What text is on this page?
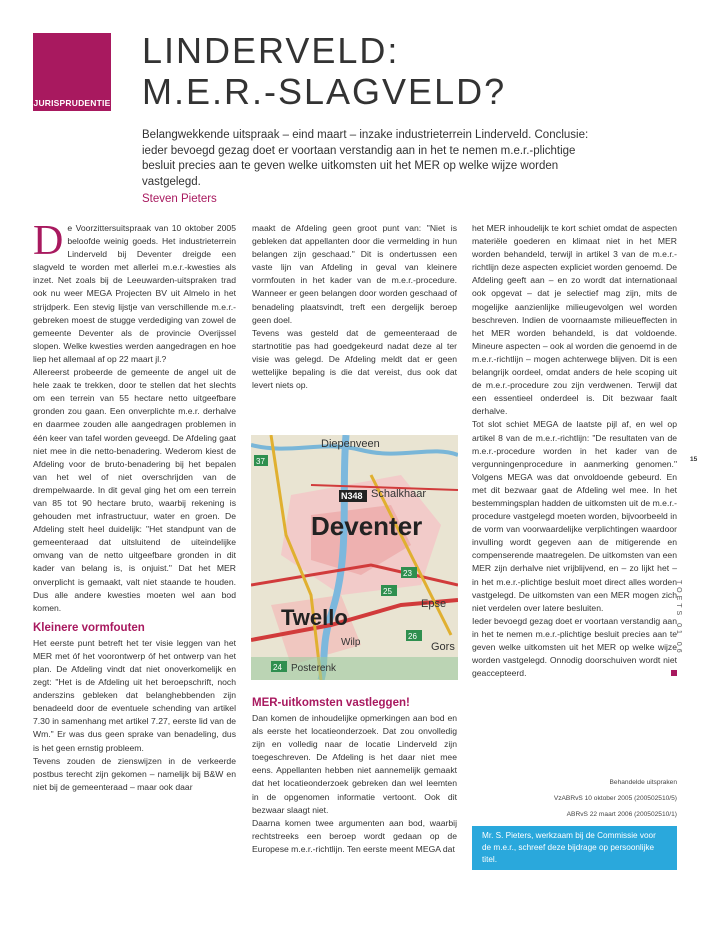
JURISPRUDENTIE
LINDERVELD:
M.E.R.-SLAGVELD?
Belangwekkende uitspraak – eind maart – inzake industrieterrein Linderveld. Conclusie: ieder bevoegd gezag doet er voortaan verstandig aan in het te nemen m.e.r.-plichtige besluit precies aan te geven welke uitkomsten uit het MER op welke wijze worden vastgelegd.
Steven Pieters

De Voorzittersuitspraak van 10 oktober 2005 beloofde weinig goeds. Het industrieterrein Linderveld bij Deventer dreigde een slagveld te worden met allerlei m.e.r.-kwesties als inzet. Net zoals bij de Leeuwarden-uitspraken trad ook nu weer MEGA Projecten BV uit Almelo in het strijdperk. Een stevig lijstje van verschillende m.e.r.-gebreken moest de stugge verdediging van zowel de gemeente Deventer als de provincie Overijssel slopen. Welke kwesties werden aangedragen en hoe liep het allemaal af op 22 maart jl.?

Allereerst probeerde de gemeente de angel uit de hele zaak te trekken, door te stellen dat het slechts om een terrein van 55 hectare netto uitgeefbare gronden zou gaan. Een onverplichte m.e.r. derhalve en daarmee zouden alle aangedragen problemen in één keer van tafel worden geveegd. De Afdeling gaat niet mee in die netto-benadering. Wederom kiest de Afdeling voor de bruto-benadering bij het bepalen van het wel of niet overschrijden van de drempelwaarde. In dit geval ging het om een terrein van 85 tot 90 hectare bruto, waarbij rekening is gehouden met infrastructuur, water en groen. De Afdeling stelt heel duidelijk: "Het standpunt van de gemeenteraad dat uitsluitend de uiteindelijke omvang van de netto uitgeefbare gronden in dit kader van belang is, is onjuist." Dat het MER onverplicht is gemaakt, valt niet staande te houden. Dus alle andere kwesties moeten wel aan bod komen.

Kleinere vormfouten

Het eerste punt betreft het ter visie leggen van het MER met óf het voorontwerp óf het ontwerp van het plan. De Afdeling vindt dat niet onoverkomelijk en zegt: "Het is de Afdeling uit het beroepschrift, noch anderszins gebleken dat belanghebbenden zijn benadeeld door de eventuele schending van artikel 7.30 in samenhang met artikel 7.27, eerste lid van de Wm." Er was dus geen sprake van benadeling, dus is het geen ernstig probleem.

Tevens zouden de zienswijzen in de verkeerde postbus terecht zijn gekomen – namelijk bij B&W en niet bij de gemeenteraad – maar ook daar

maakt de Afdeling geen groot punt van: "Niet is gebleken dat appellanten door die vermelding in hun belangen zijn geschaad." Dit is ondertussen een vaste lijn van Afdeling in geval van kleinere vormfouten in het kader van de m.e.r.-procedure. Wanneer er geen belangen door worden geschaad of benadeling plaatsvindt, treft een dergelijk beroep geen doel.

Tevens was gesteld dat de gemeenteraad de startnotitie pas had goedgekeurd nadat deze al ter visie was gelegd. De Afdeling meldt dat er geen wettelijke bepaling is die dat vereist, dus ook dat levert niets op.

Diepenveen
N348 Schalkhaar
Deventer
Twello
Epse
Wilp	Gors
Posterenk
37
23
25
26
24

MER-uitkomsten vastleggen!

Dan komen de inhoudelijke opmerkingen aan bod en als eerste het locatieonderzoek. Dat zou onvolledig zijn en volledig naar de locatie Linderveld zijn toegeschreven. De Afdeling is het daar niet mee eens. Appellanten hebben niet aannemelijk gemaakt dat het locatieonderzoek gebreken dan wel leemten in de opgenomen informatie vertoont. Ook dit bezwaar slaagt niet.

Daarna komen twee argumenten aan bod, waarbij rechtstreeks een beroep wordt gedaan op de Europese m.e.r.-richtlijn. Ten eerste meent MEGA dat

het MER inhoudelijk te kort schiet omdat de aspecten materiële goederen en klimaat niet in het MER worden behandeld, terwijl in artikel 3 van de m.e.r.-richtlijn deze aspecten expliciet worden genoemd. De Afdeling geeft aan – en zo wordt dat internationaal ook opgevat – dat je selectief mag zijn, mits de mogelijke aanzienlijke milieugevolgen wel worden beschreven. Indien de voornaamste milieueffecten in het MER worden behandeld, is dat voldoende. Mineure aspecten – ook al worden die genoemd in de m.e.r.-richtlijn – mogen achterwege blijven. Dit is een belangrijk oordeel, omdat anders de hele scoping uit de m.e.r.-procedure zou zijn verdwenen. Terwijl dat een essentieel onderdeel is. Dit bezwaar faalt derhalve.

Tot slot schiet MEGA de laatste pijl af, en wel op artikel 8 van de m.e.r.-richtlijn: "De resultaten van de m.e.r.-procedure worden in het kader van de vergunningenprocedure in aanmerking genomen." Volgens MEGA was dat onvoldoende gebeurd. En met dit bezwaar gaat de Afdeling wel mee. In het bestemmingsplan hadden de uitkomsten uit de m.e.r.-procedure vastgelegd moeten worden, bijvoorbeeld in de vorm van voorwaardelijke verplichtingen waardoor invulling wordt gegeven aan de mitigerende en compenserende maatregelen. De uitkomsten van een MER zijn derhalve niet vrijblijvend, en – zo lijkt het – in het m.e.r.-plichtige besluit moet direct alles worden vastgelegd. De uitkomsten van een MER mogen zich niet verdelen over latere besluiten.

Ieder bevoegd gezag doet er voortaan verstandig aan in het te nemen m.e.r.-plichtige besluit precies aan te geven welke uitkomsten uit het MER op welke wijze worden vastgelegd. Onnodig doorschuiven wordt niet geaccepteerd.

Behandelde uitspraken
VzABRvS 10 oktober 2005 (200502510/5)
ABRvS 22 maart 2006 (200502510/1)
Mr. S. Pieters, werkzaam bij de Commissie voor de m.e.r., schreef deze bijdrage op persoonlijke titel.
15
TOETS 01 06
